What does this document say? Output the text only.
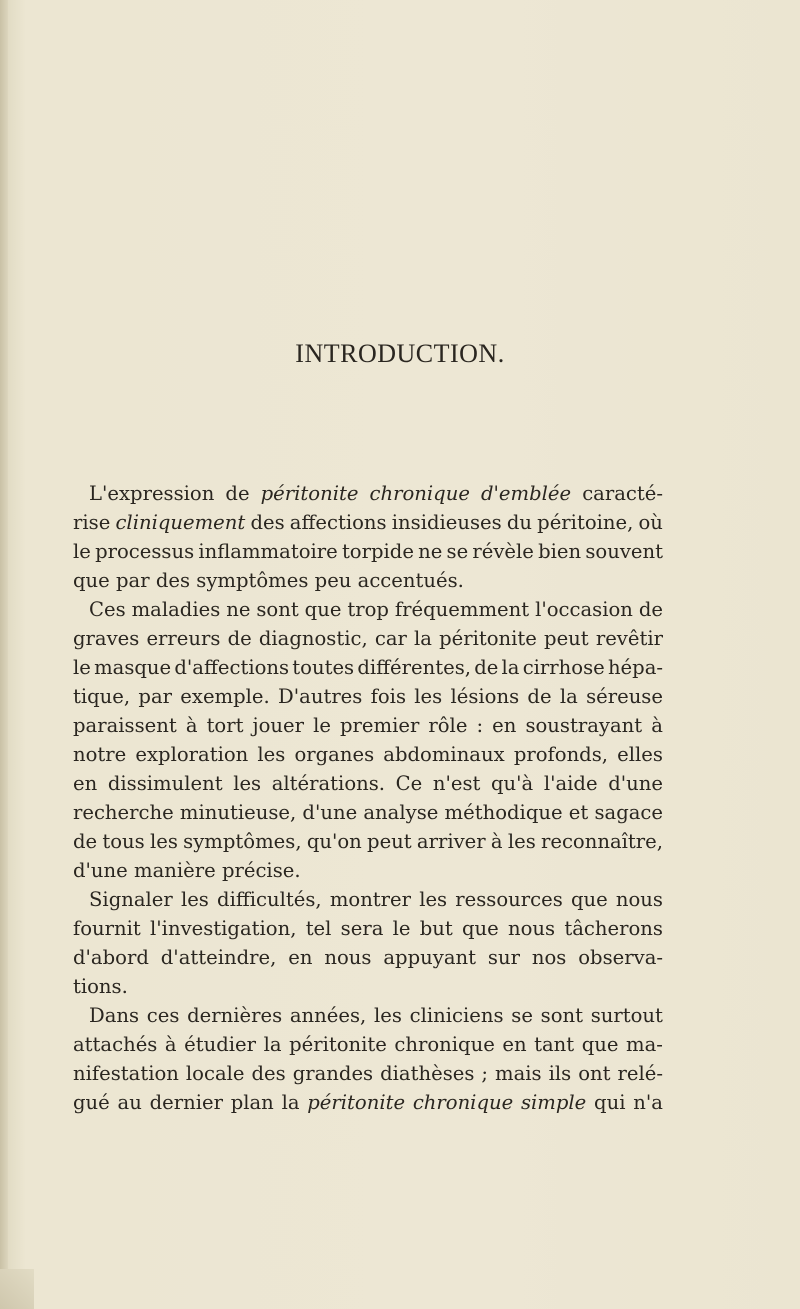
INTRODUCTION.
L'expression de péritonite chronique d'emblée caracté-
rise cliniquement des affections insidieuses du péritoine, où
le processus inflammatoire torpide ne se révèle bien souvent
que
par
des
symptômes
peu
accentués.

Ces maladies ne sont que trop fréquemment l'occasion de
graves erreurs de diagnostic, car la péritonite peut revêtir
le masque d'affections toutes différentes, de la cirrhose hépa-
tique, par exemple. D'autres fois les lésions de la séreuse
paraissent à tort jouer le premier rôle : en soustrayant à
notre exploration les organes abdominaux profonds, elles
en dissimulent les altérations. Ce n'est qu'à l'aide d'une
recherche minutieuse, d'une analyse méthodique et sagace
de tous les symptômes, qu'on peut arriver à les reconnaître,
d'une
manière
précise.

Signaler les difficultés, montrer les ressources que nous
fournit l'investigation, tel sera le but que nous tâcherons
d'abord d'atteindre, en nous appuyant sur nos observa-
tions.

Dans ces dernières années, les cliniciens se sont surtout
attachés à étudier la péritonite chronique en tant que ma-
nifestation locale des grandes diathèses ; mais ils ont relé-
gué au dernier plan la péritonite chronique simple qui n'a
